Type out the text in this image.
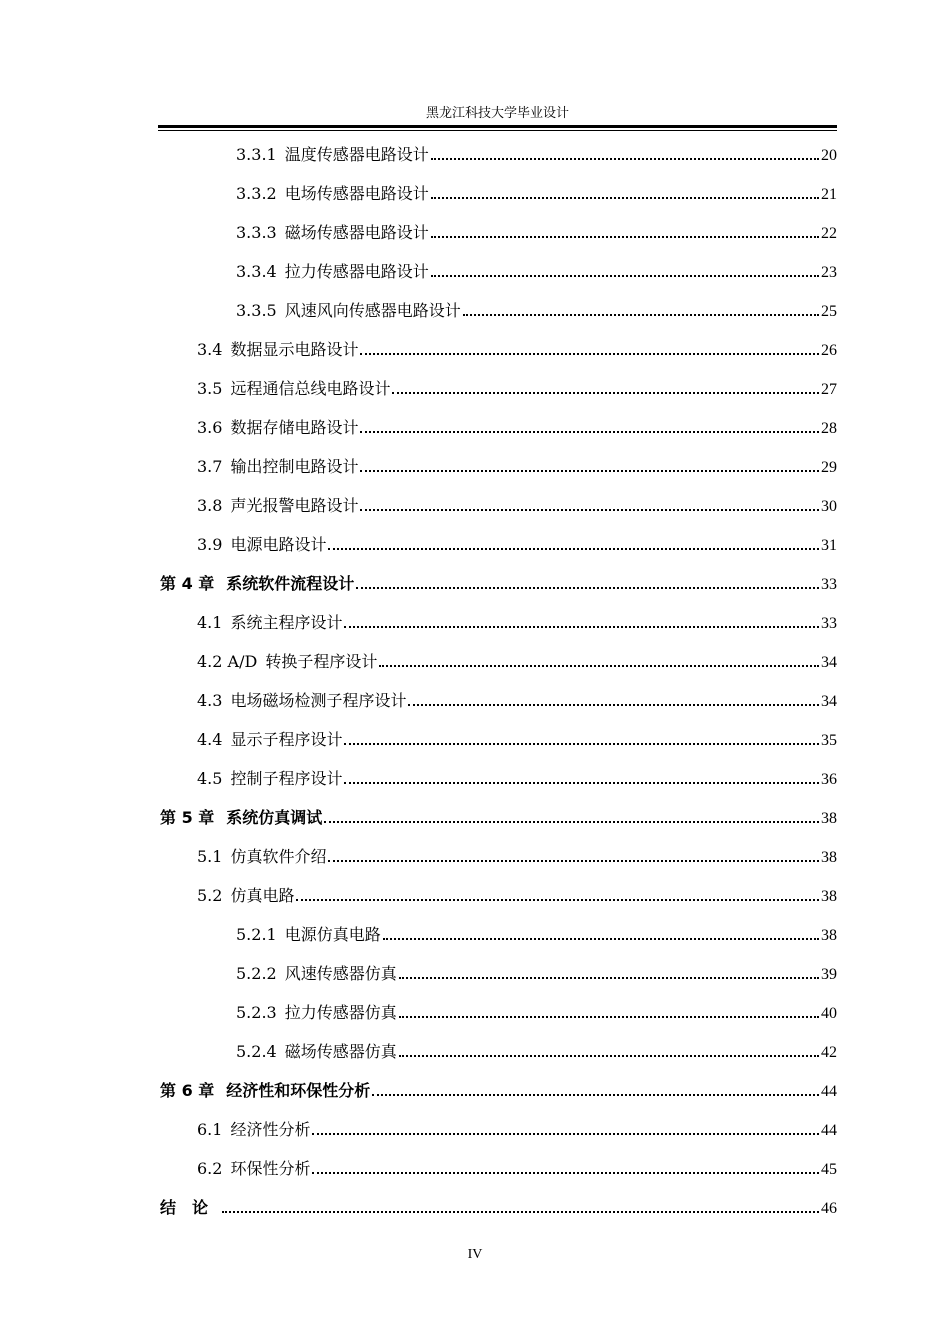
黑龙江科技大学毕业设计
3.3.1 温度传感器电路设计	20
3.3.2 电场传感器电路设计	21
3.3.3 磁场传感器电路设计	22
3.3.4 拉力传感器电路设计	23
3.3.5 风速风向传感器电路设计	25
3.4 数据显示电路设计	26
3.5 远程通信总线电路设计	27
3.6 数据存储电路设计	28
3.7 输出控制电路设计	29
3.8 声光报警电路设计	30
3.9 电源电路设计	31
第 4 章 系统软件流程设计	33
4.1 系统主程序设计	33
4.2 A/D 转换子程序设计	34
4.3 电场磁场检测子程序设计	34
4.4 显示子程序设计	35
4.5 控制子程序设计	36
第 5 章 系统仿真调试	38
5.1 仿真软件介绍	38
5.2 仿真电路	38
5.2.1 电源仿真电路	38
5.2.2 风速传感器仿真	39
5.2.3 拉力传感器仿真	40
5.2.4 磁场传感器仿真	42
第 6 章 经济性和环保性分析	44
6.1 经济性分析	44
6.2 环保性分析	45
结　论	46
IV
